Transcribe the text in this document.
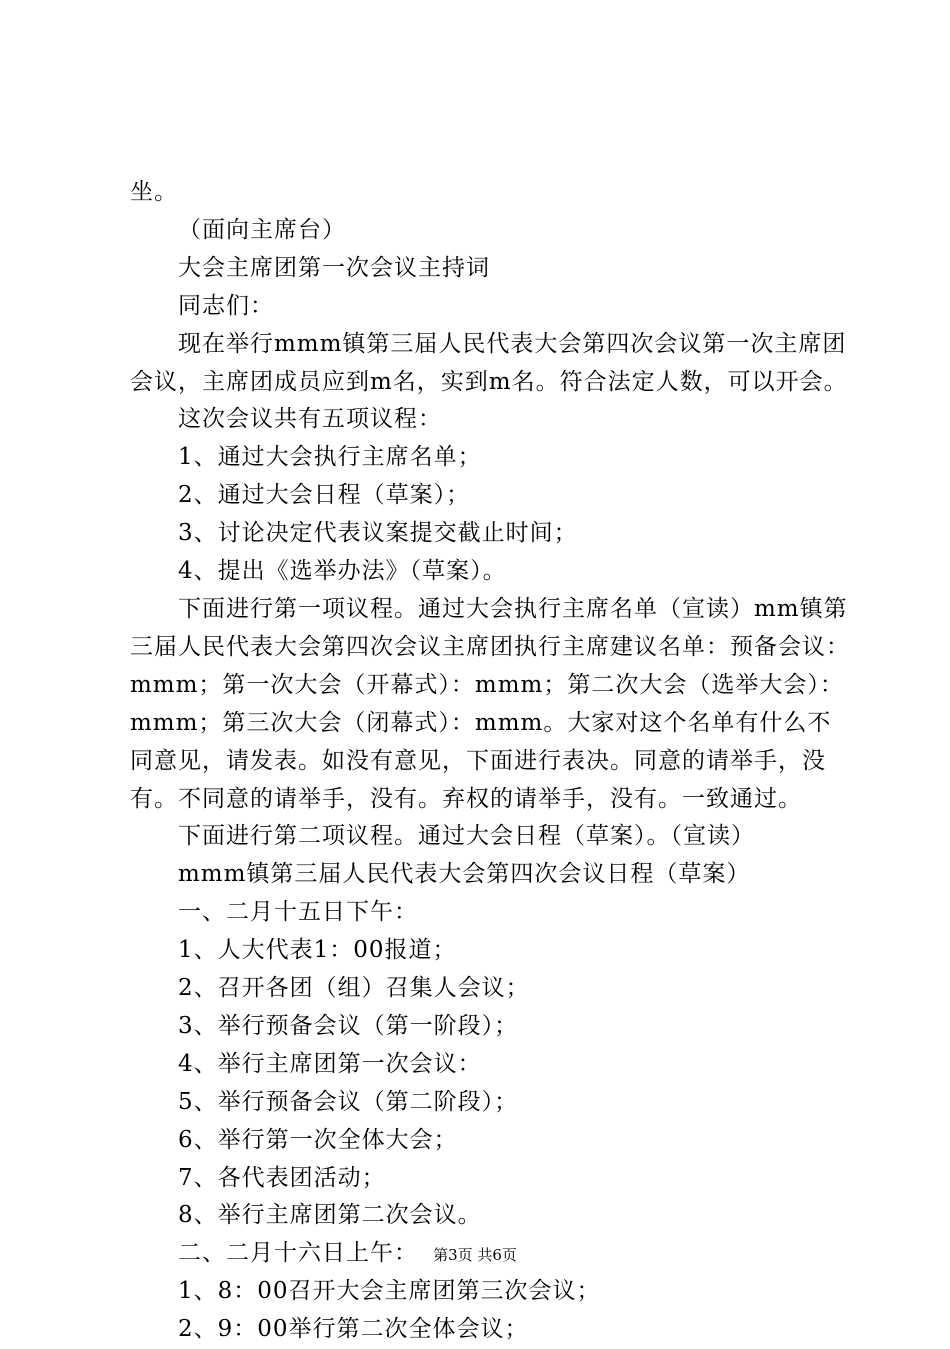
坐。

（面向主席台）

大会主席团第一次会议主持词

同志们：

现在举行mmm镇第三届人民代表大会第四次会议第一次主席团会议，主席团成员应到m名，实到m名。符合法定人数，可以开会。

这次会议共有五项议程：

1、通过大会执行主席名单；

2、通过大会日程（草案）；

3、讨论决定代表议案提交截止时间；

4、提出《选举办法》（草案）。

下面进行第一项议程。通过大会执行主席名单（宣读）mm镇第三届人民代表大会第四次会议主席团执行主席建议名单：预备会议：mmm；第一次大会（开幕式）：mmm；第二次大会（选举大会）：mmm；第三次大会（闭幕式）：mmm。大家对这个名单有什么不同意见，请发表。如没有意见，下面进行表决。同意的请举手，没有。不同意的请举手，没有。弃权的请举手，没有。一致通过。

下面进行第二项议程。通过大会日程（草案）。（宣读）

mmm镇第三届人民代表大会第四次会议日程（草案）

一、二月十五日下午：

1、人大代表1：00报道；

2、召开各团（组）召集人会议；

3、举行预备会议（第一阶段）；

4、举行主席团第一次会议：

5、举行预备会议（第二阶段）；

6、举行第一次全体大会；

7、各代表团活动；

8、举行主席团第二次会议。

二、二月十六日上午：

1、8：00召开大会主席团第三次会议；

2、9：00举行第二次全体会议；

第3页 共6页
